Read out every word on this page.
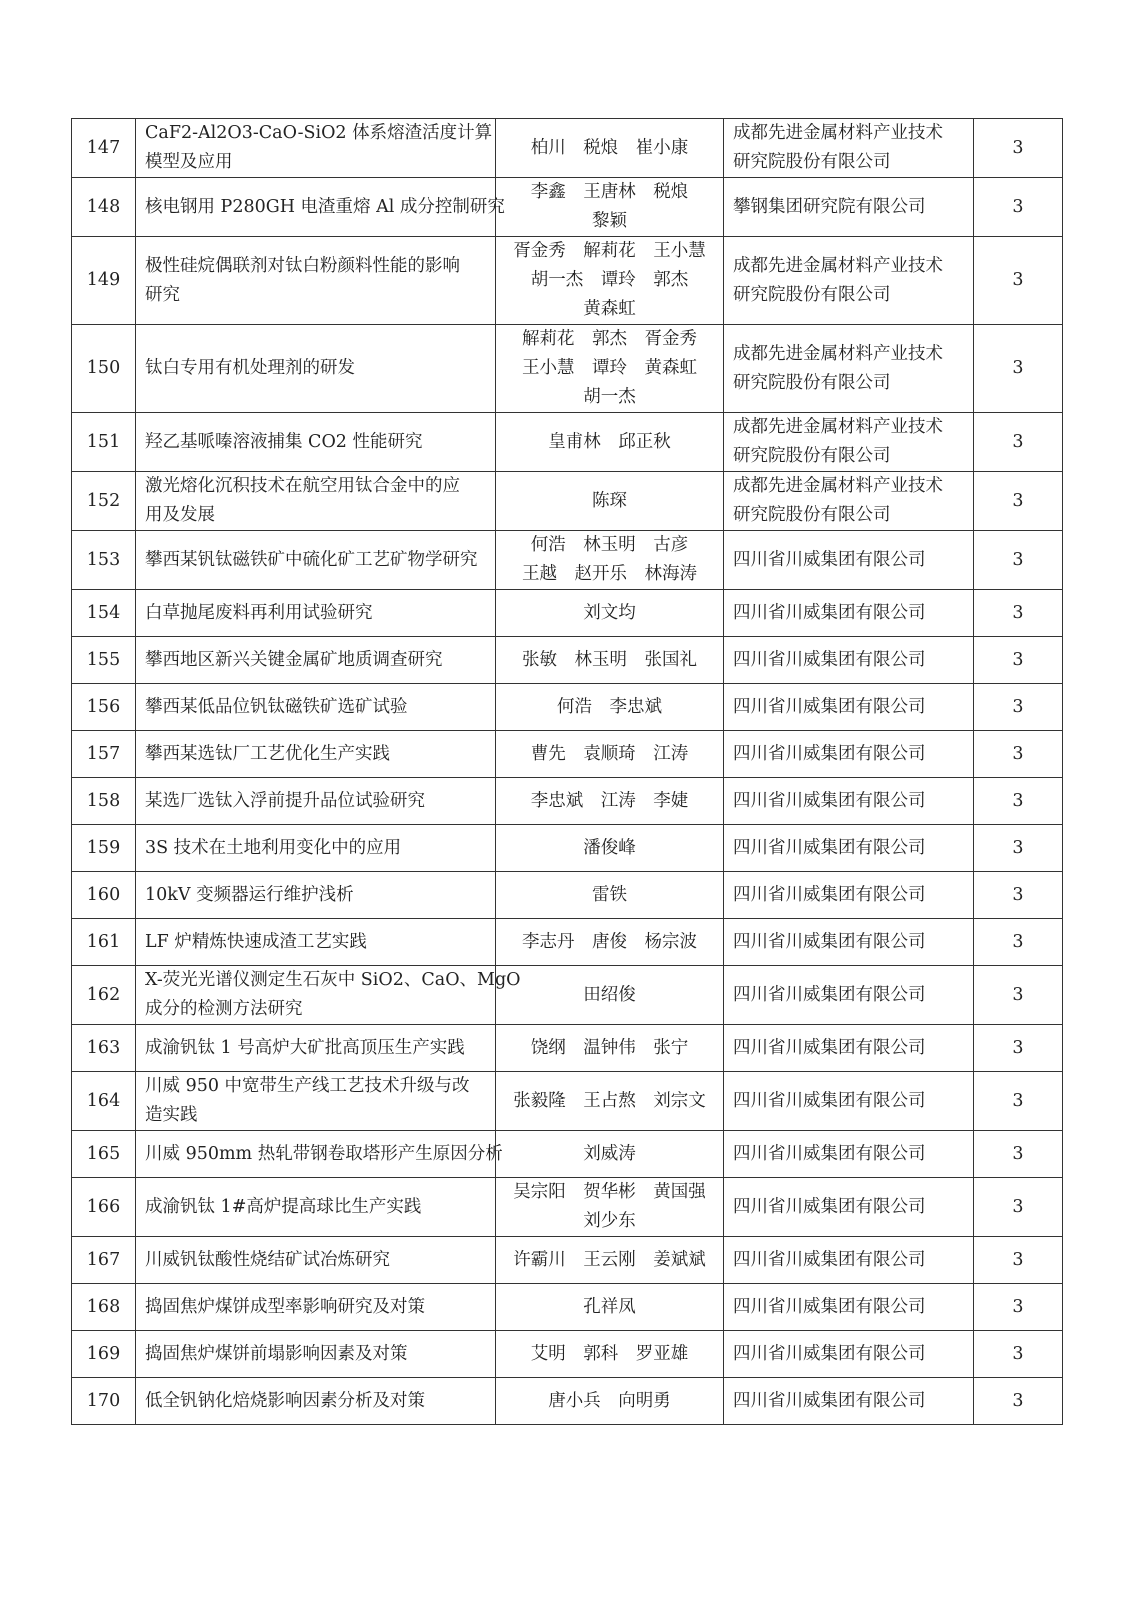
147	CaF2-Al2O3-CaO-SiO2 体系熔渣活度计算
模型及应用	柏川　税烺　崔小康	成都先进金属材料产业技术
研究院股份有限公司	3
148	核电钢用 P280GH 电渣重熔 Al 成分控制研究	李鑫　王唐林　税烺
黎颖	攀钢集团研究院有限公司	3
149	极性硅烷偶联剂对钛白粉颜料性能的影响
研究	胥金秀　解莉花　王小慧
胡一杰　谭玲　郭杰
黄森虹	成都先进金属材料产业技术
研究院股份有限公司	3
150	钛白专用有机处理剂的研发	解莉花　郭杰　胥金秀
王小慧　谭玲　黄森虹
胡一杰	成都先进金属材料产业技术
研究院股份有限公司	3
151	羟乙基哌嗪溶液捕集 CO2 性能研究	皇甫林　邱正秋	成都先进金属材料产业技术
研究院股份有限公司	3
152	激光熔化沉积技术在航空用钛合金中的应
用及发展	陈琛	成都先进金属材料产业技术
研究院股份有限公司	3
153	攀西某钒钛磁铁矿中硫化矿工艺矿物学研究	何浩　林玉明　古彦
王越　赵开乐　林海涛	四川省川威集团有限公司	3
154	白草抛尾废料再利用试验研究	刘文均	四川省川威集团有限公司	3
155	攀西地区新兴关键金属矿地质调查研究	张敏　林玉明　张国礼	四川省川威集团有限公司	3
156	攀西某低品位钒钛磁铁矿选矿试验	何浩　李忠斌	四川省川威集团有限公司	3
157	攀西某选钛厂工艺优化生产实践	曹先　袁顺琦　江涛	四川省川威集团有限公司	3
158	某选厂选钛入浮前提升品位试验研究	李忠斌　江涛　李婕	四川省川威集团有限公司	3
159	3S 技术在土地利用变化中的应用	潘俊峰	四川省川威集团有限公司	3
160	10kV 变频器运行维护浅析	雷铁	四川省川威集团有限公司	3
161	LF 炉精炼快速成渣工艺实践	李志丹　唐俊　杨宗波	四川省川威集团有限公司	3
162	X-荧光光谱仪测定生石灰中 SiO2、CaO、MgO
成分的检测方法研究	田绍俊	四川省川威集团有限公司	3
163	成渝钒钛 1 号高炉大矿批高顶压生产实践	饶纲　温钟伟　张宁	四川省川威集团有限公司	3
164	川威 950 中宽带生产线工艺技术升级与改
造实践	张毅隆　王占熬　刘宗文	四川省川威集团有限公司	3
165	川威 950mm 热轧带钢卷取塔形产生原因分析	刘威涛	四川省川威集团有限公司	3
166	成渝钒钛 1#高炉提高球比生产实践	吴宗阳　贺华彬　黄国强
刘少东	四川省川威集团有限公司	3
167	川威钒钛酸性烧结矿试冶炼研究	许霸川　王云刚　姜斌斌	四川省川威集团有限公司	3
168	捣固焦炉煤饼成型率影响研究及对策	孔祥凤	四川省川威集团有限公司	3
169	捣固焦炉煤饼前塌影响因素及对策	艾明　郭科　罗亚雄	四川省川威集团有限公司	3
170	低全钒钠化焙烧影响因素分析及对策	唐小兵　向明勇	四川省川威集团有限公司	3
